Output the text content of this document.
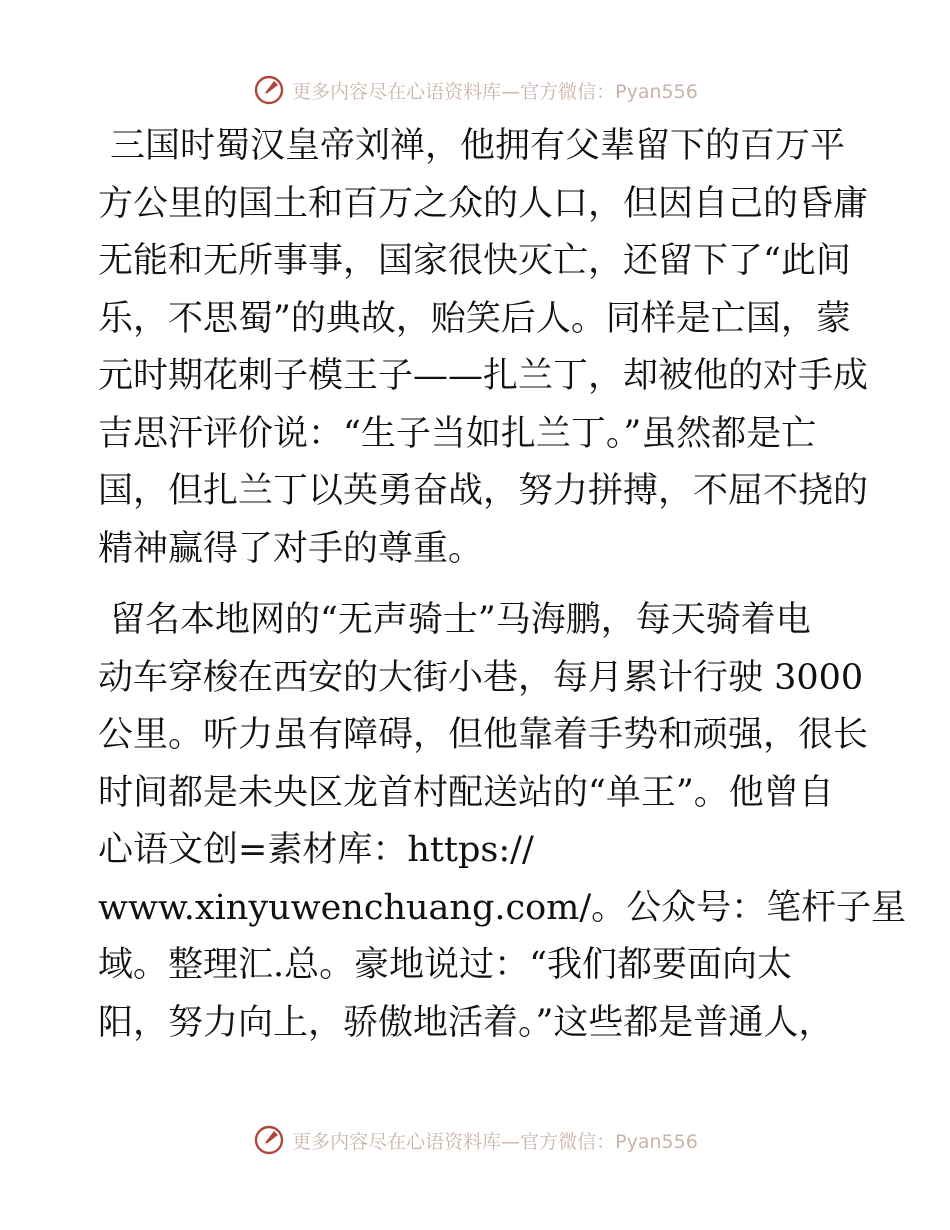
更多内容尽在心语资料库—官方微信：Pyan556

三国时蜀汉皇帝刘禅，他拥有父辈留下的百万平
方公里的国土和百万之众的人口，但因自己的昏庸
无能和无所事事，国家很快灭亡，还留下了“此间
乐，不思蜀”的典故，贻笑后人。同样是亡国，蒙
元时期花剌子模王子——扎兰丁，却被他的对手成
吉思汗评价说：“生子当如扎兰丁。”虽然都是亡
国，但扎兰丁以英勇奋战，努力拼搏，不屈不挠的
精神赢得了对手的尊重。

留名本地网的“无声骑士”马海鹏，每天骑着电
动车穿梭在西安的大街小巷，每月累计行驶 3000
公里。听力虽有障碍，但他靠着手势和顽强，很长
时间都是未央区龙首村配送站的“单王”。他曾自
心语文创=素材库：https://
www.xinyuwenchuang.com/。公众号：笔杆子星
域。整理汇.总。豪地说过：“我们都要面向太
阳，努力向上，骄傲地活着。”这些都是普通人，

更多内容尽在心语资料库—官方微信：Pyan556
